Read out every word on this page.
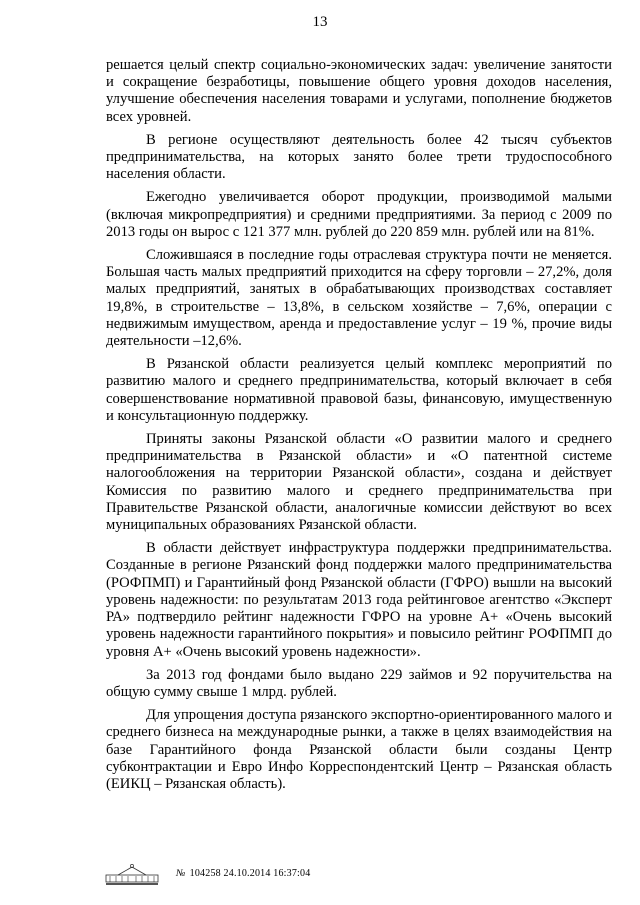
13

решается целый спектр социально-экономических задач: увеличение занятости и сокращение безработицы, повышение общего уровня доходов населения, улучшение обеспечения населения товарами и услугами, пополнение бюджетов всех уровней.

В регионе осуществляют деятельность более 42 тысяч субъектов предпринимательства, на которых занято более трети трудоспособного населения области.

Ежегодно увеличивается оборот продукции, производимой малыми (включая микропредприятия) и средними предприятиями. За период с 2009 по 2013 годы он вырос с 121 377 млн. рублей до 220 859 млн. рублей или на 81%.

Сложившаяся в последние годы отраслевая структура почти не меняется. Большая часть малых предприятий приходится на сферу торговли – 27,2%, доля малых предприятий, занятых в обрабатывающих производствах составляет 19,8%, в строительстве – 13,8%, в сельском хозяйстве – 7,6%, операции с недвижимым имуществом, аренда и предоставление услуг – 19 %, прочие виды деятельности –12,6%.

В Рязанской области реализуется целый комплекс мероприятий по развитию малого и среднего предпринимательства, который включает в себя совершенствование нормативной правовой базы, финансовую, имущественную и консультационную поддержку.

Приняты законы Рязанской области «О развитии малого и среднего предпринимательства в Рязанской области» и «О патентной системе налогообложения на территории Рязанской области», создана и действует Комиссия по развитию малого и среднего предпринимательства при Правительстве Рязанской области, аналогичные комиссии действуют во всех муниципальных образованиях Рязанской области.

В области действует инфраструктура поддержки предпринимательства. Созданные в регионе Рязанский фонд поддержки малого предпринимательства (РОФПМП) и Гарантийный фонд Рязанской области (ГФРО) вышли на высокий уровень надежности: по результатам 2013 года рейтинговое агентство «Эксперт РА» подтвердило рейтинг надежности ГФРО на уровне А+ «Очень высокий уровень надежности гарантийного покрытия» и повысило рейтинг РОФПМП до уровня А+ «Очень высокий уровень надежности».

За 2013 год фондами было выдано 229 займов и 92 поручительства на общую сумму свыше 1 млрд. рублей.

Для упрощения доступа рязанского экспортно-ориентированного малого и среднего бизнеса на международные рынки, а также в целях взаимодействия на базе Гарантийного фонда Рязанской области были созданы Центр субконтрактации и Евро Инфо Корреспондентский Центр – Рязанская область (ЕИКЦ – Рязанская область).

№ 104258 24.10.2014 16:37:04
